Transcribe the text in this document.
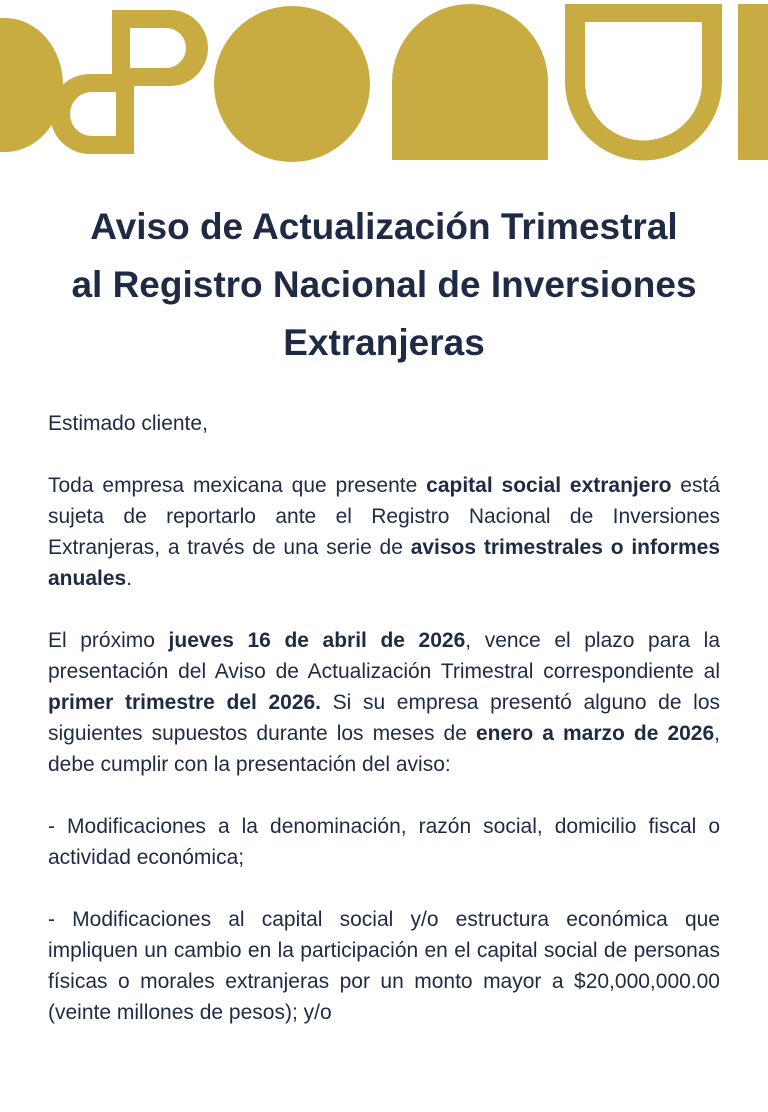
Aviso de Actualización Trimestral
al Registro Nacional de Inversiones
Extranjeras

Estimado cliente,

Toda empresa mexicana que presente capital social extranjero está sujeta de reportarlo ante el Registro Nacional de Inversiones Extranjeras, a través de una serie de avisos trimestrales o informes anuales.

El próximo jueves 16 de abril de 2026, vence el plazo para la presentación del Aviso de Actualización Trimestral correspondiente al primer trimestre del 2026. Si su empresa presentó alguno de los siguientes supuestos durante los meses de enero a marzo de 2026, debe cumplir con la presentación del aviso:

- Modificaciones a la denominación, razón social, domicilio fiscal o actividad económica;

- Modificaciones al capital social y/o estructura económica que impliquen un cambio en la participación en el capital social de personas físicas o morales extranjeras por un monto mayor a $20,000,000.00 (veinte millones de pesos); y/o
